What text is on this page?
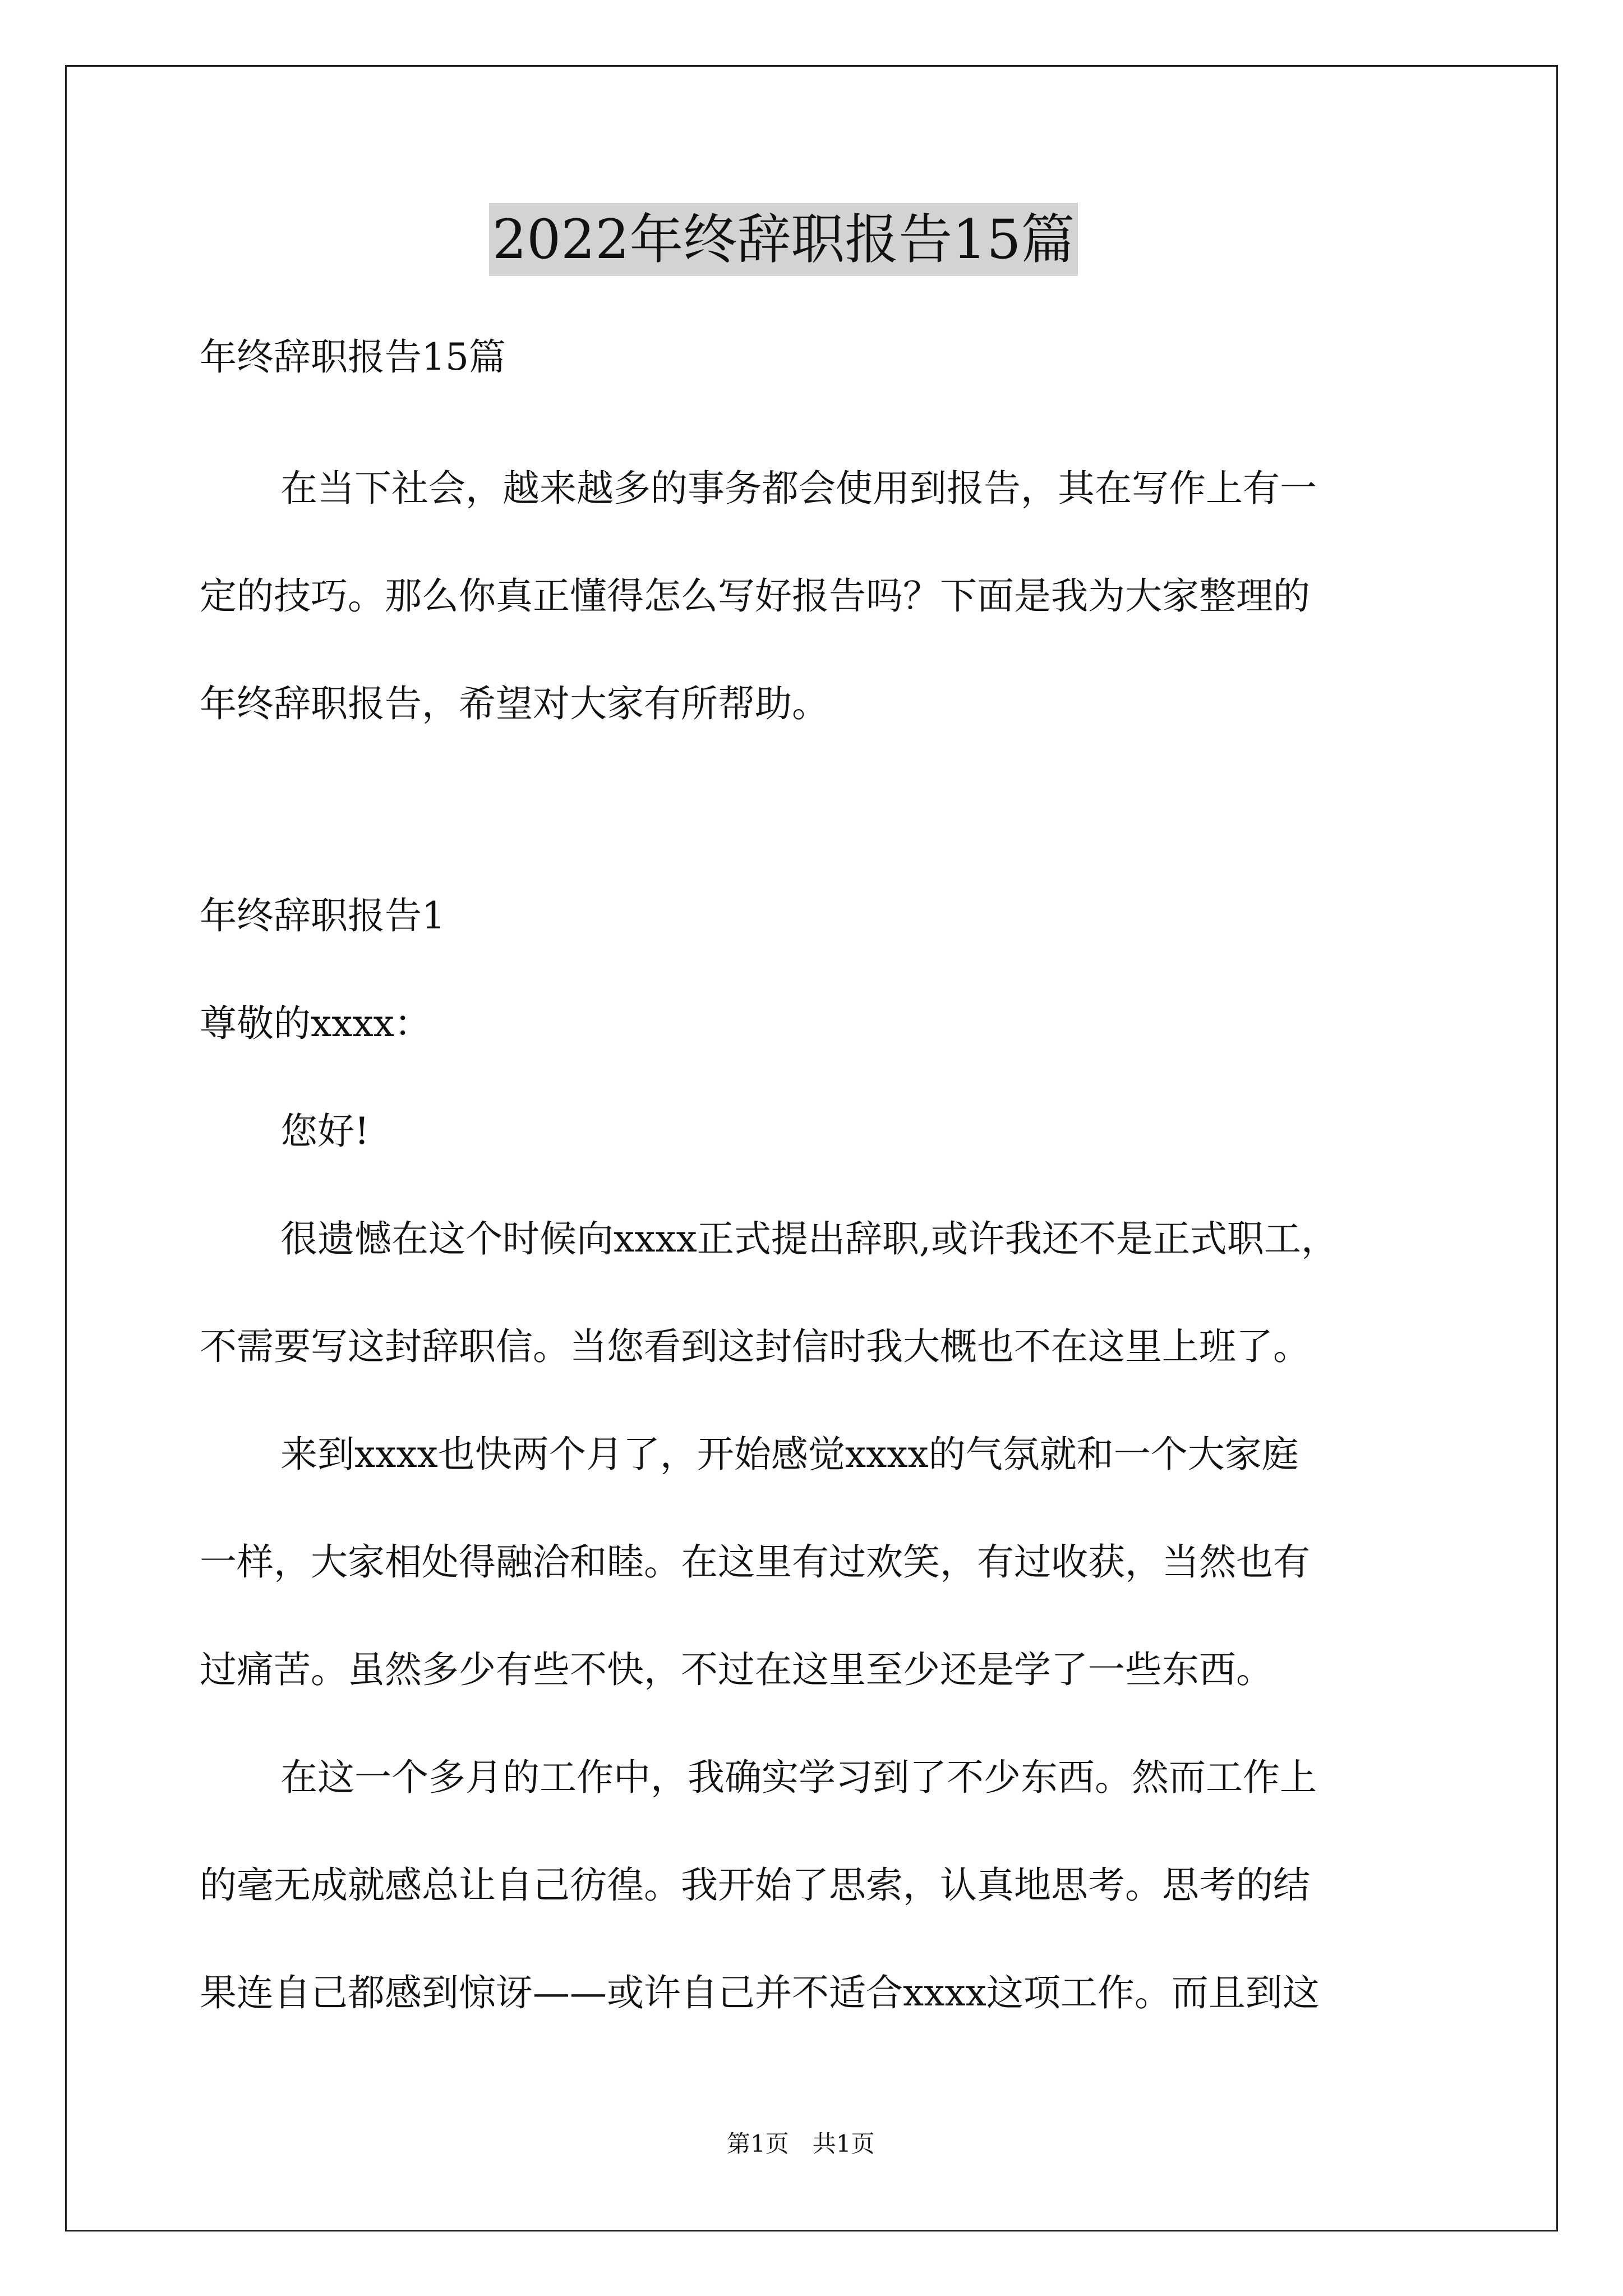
2022年终辞职报告15篇
年终辞职报告15篇
在当下社会，越来越多的事务都会使用到报告，其在写作上有一
定的技巧。那么你真正懂得怎么写好报告吗？下面是我为大家整理的
年终辞职报告，希望对大家有所帮助。
年终辞职报告1
尊敬的xxxx：
您好!
很遗憾在这个时候向xxxx正式提出辞职,或许我还不是正式职工，
不需要写这封辞职信。当您看到这封信时我大概也不在这里上班了。
来到xxxx也快两个月了，开始感觉xxxx的气氛就和一个大家庭
一样，大家相处得融洽和睦。在这里有过欢笑，有过收获，当然也有
过痛苦。虽然多少有些不快，不过在这里至少还是学了一些东西。
在这一个多月的工作中，我确实学习到了不少东西。然而工作上
的毫无成就感总让自己彷徨。我开始了思索，认真地思考。思考的结
果连自己都感到惊讶——或许自己并不适合xxxx这项工作。而且到这
第1页　共1页
